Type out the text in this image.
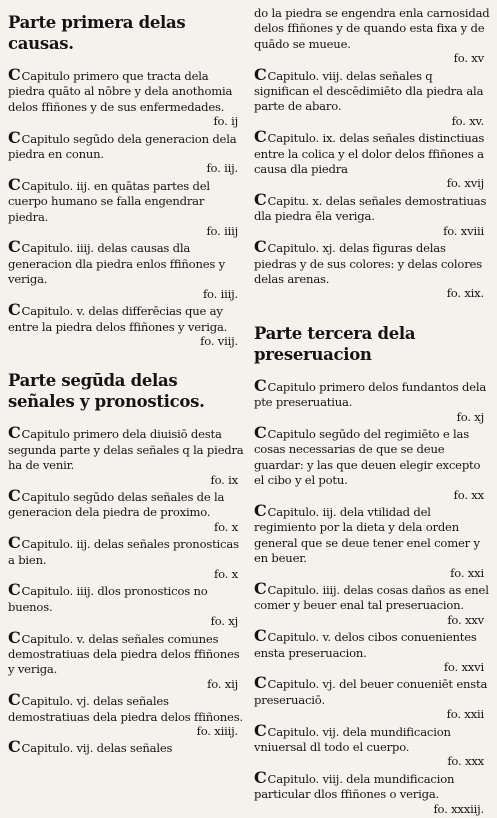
Parte primera delas causas.
CCapitulo primero que tracta dela piedra quāto al nōbre y dela anothomia delos ffiñones y de sus enfermedades.
fo. ij
CCapitulo segūdo dela generacion dela piedra en conun.
fo. iij.
CCapitulo. iij. en quātas partes del cuerpo humano se falla engendrar piedra.
fo. iiij
CCapitulo. iiij. delas causas dla generacion dla piedra enlos ffiñones y veriga.
fo. iiij.
CCapitulo. v. delas differēcias que ay entre la piedra delos ffiñones y veriga.
fo. viij.
Parte segūda delas señales y pronosticos.
CCapitulo primero dela diuisiō desta segunda parte y delas señales q la piedra ha de venir.
fo. ix
CCapitulo segūdo delas señales de la generacion dela piedra de proximo.
fo. x
CCapitulo. iij. delas señales pronosticas a bien.
fo. x
CCapitulo. iiij. dlos pronosticos no buenos.
fo. xj
CCapitulo. v. delas señales comunes demostratiuas dela piedra delos ffiñones y veriga.
fo. xij
CCapitulo. vj. delas señales demostratiuas dela piedra delos ffiñones.
fo. xiiij.
CCapitulo. vij. delas señales
do la piedra se engendra enla carnosidad delos ffiñones y de quando esta fixa y de quādo se mueue.
fo. xv
CCapitulo. viij. delas señales q significan el descēdimiēto dla piedra ala parte de abaro.
fo. xv.
CCapitulo. ix. delas señales distinctiuas entre la colica y el dolor delos ffiñones a causa dla piedra
fo. xvij
CCapitu. x. delas señales demostratiuas dla piedra ēla veriga.
fo. xviii
CCapitulo. xj. delas figuras delas piedras y de sus colores: y delas colores delas arenas.
fo. xix.
Parte tercera dela preseruacion
CCapitulo primero delos fundantos dela pte preseruatiua.
fo. xj
CCapitulo segūdo del regimiēto e las cosas necessarias de que se deue guardar: y las que deuen elegir excepto el cibo y el potu.
fo. xx
CCapitulo. iij. dela vtilidad del regimiento por la dieta y dela orden general que se deue tener enel comer y en beuer.
fo. xxi
CCapitulo. iiij. delas cosas daños as enel comer y beuer enal tal preseruacion.
fo. xxv
CCapitulo. v. delos cibos conuenientes ensta preseruacion.
fo. xxvi
CCapitulo. vj. del beuer conueniēt ensta preseruaciō.
fo. xxii
CCapitulo. vij. dela mundificacion vniuersal dl todo el cuerpo.
fo. xxx
CCapitulo. viij. dela mundificacion particular dlos ffiñones o veriga.
fo. xxxiij.
